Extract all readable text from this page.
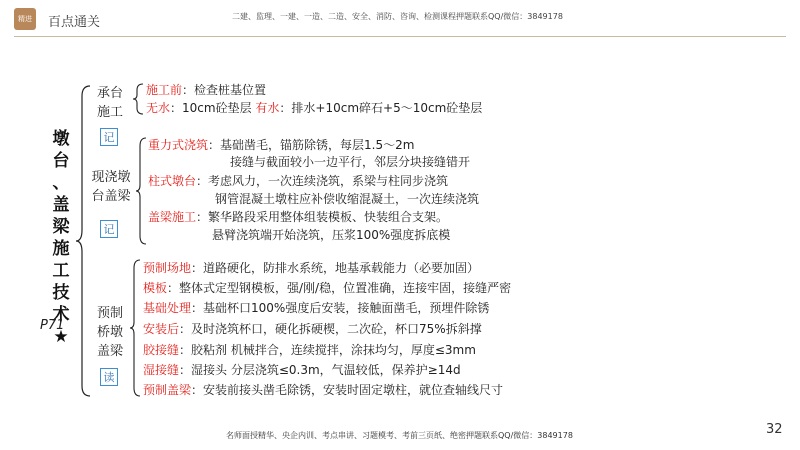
精进	百点通关	二建、监理、一建、一造、二造、安全、消防、咨询、检测课程押题联系QQ/微信：3849178
墩
台
、
盖
梁
施
工
技
术
★
P71
承台
施工
记
施工前：检查桩基位置
无水：10cm砼垫层 有水：排水+10cm碎石+5～10cm砼垫层
现浇墩
台盖梁
记
重力式浇筑：基础凿毛，锚筋除锈，每层1.5～2m
接缝与截面较小一边平行，邻层分块接缝错开
柱式墩台：考虑风力，一次连续浇筑，系梁与柱同步浇筑
钢管混凝土墩柱应补偿收缩混凝土，一次连续浇筑
盖梁施工：繁华路段采用整体组装模板、快装组合支架。
悬臂浇筑端开始浇筑，压浆100%强度拆底模
预制
桥墩
盖梁
读
预制场地：道路硬化，防排水系统，地基承载能力（必要加固）
模板：整体式定型钢模板，强/刚/稳，位置准确，连接牢固，接缝严密
基础处理：基础杯口100%强度后安装，接触面凿毛，预埋件除锈
安装后：及时浇筑杯口，硬化拆硬楔，二次砼，杯口75%拆斜撑
胶接缝：胶粘剂 机械拌合，连续搅拌，涂抹均匀，厚度≤3mm
湿接缝：湿接头 分层浇筑≤0.3m，气温较低，保养护≥14d
预制盖梁：安装前接头凿毛除锈，安装时固定墩柱，就位查轴线尺寸
名师面授精华、央企内训、考点串讲、习题模考、考前三页纸、绝密押题联系QQ/微信：3849178	32
